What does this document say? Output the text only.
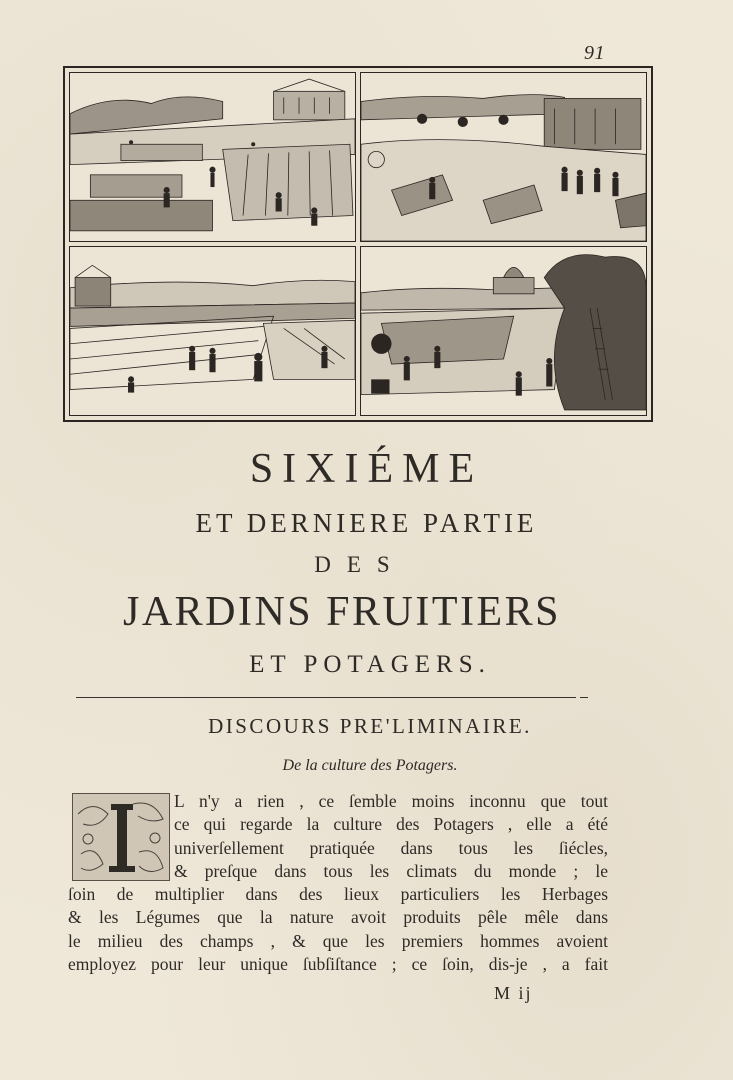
91
SIXIÉME
ET DERNIERE PARTIE
DES
JARDINS FRUITIERS
ET POTAGERS.
DISCOURS PRE'LIMINAIRE.
De la culture des Potagers.
L n'y a rien , ce ſemble moins inconnu que tout
ce qui regarde la culture des Potagers , elle a été
univerſellement pratiquée dans tous les ſiécles,
& preſque dans tous les climats du monde ; le
ſoin de multiplier dans des lieux particuliers les Herbages
& les Légumes que la nature avoit produits pêle mêle dans
le milieu des champs , & que les premiers hommes avoient
employez pour leur unique ſubſiſtance ; ce ſoin, dis-je , a fait
M ij
